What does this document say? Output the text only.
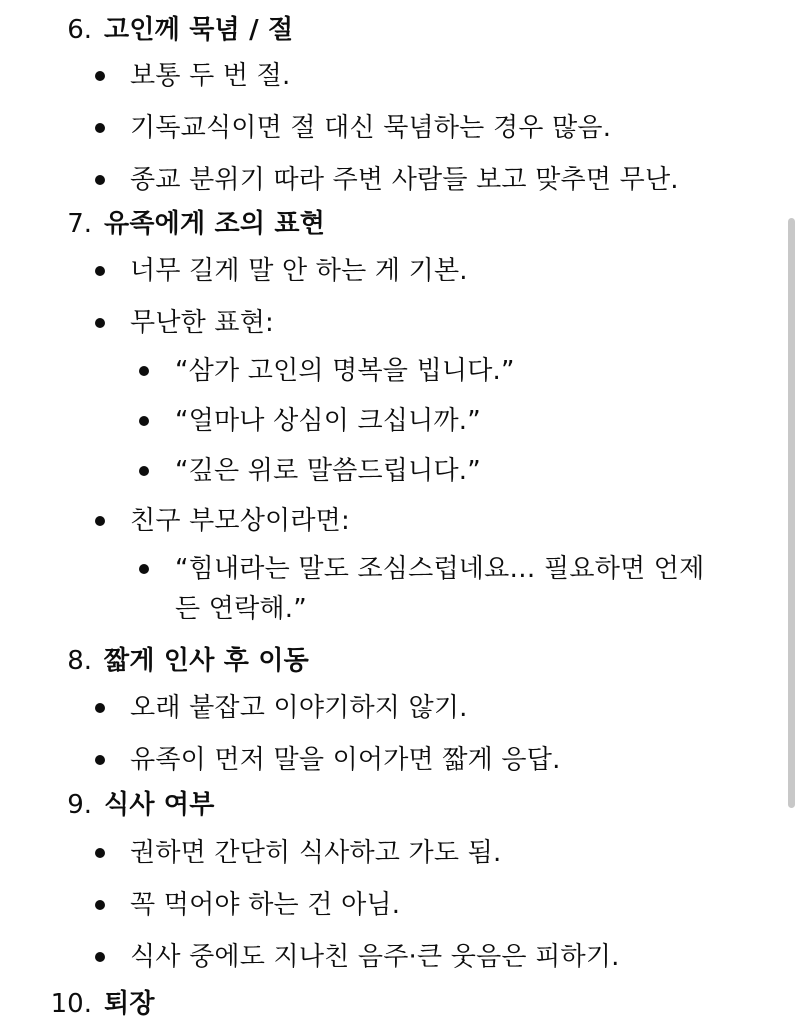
6. 고인께 묵념 / 절
보통 두 번 절.
기독교식이면 절 대신 묵념하는 경우 많음.
종교 분위기 따라 주변 사람들 보고 맞추면 무난.
7. 유족에게 조의 표현
너무 길게 말 안 하는 게 기본.
무난한 표현:
“삼가 고인의 명복을 빕니다.”
“얼마나 상심이 크십니까.”
“깊은 위로 말씀드립니다.”
친구 부모상이라면:
“힘내라는 말도 조심스럽네요… 필요하면 언제
든 연락해.”
8. 짧게 인사 후 이동
오래 붙잡고 이야기하지 않기.
유족이 먼저 말을 이어가면 짧게 응답.
9. 식사 여부
권하면 간단히 식사하고 가도 됨.
꼭 먹어야 하는 건 아님.
식사 중에도 지나친 음주·큰 웃음은 피하기.
10. 퇴장
